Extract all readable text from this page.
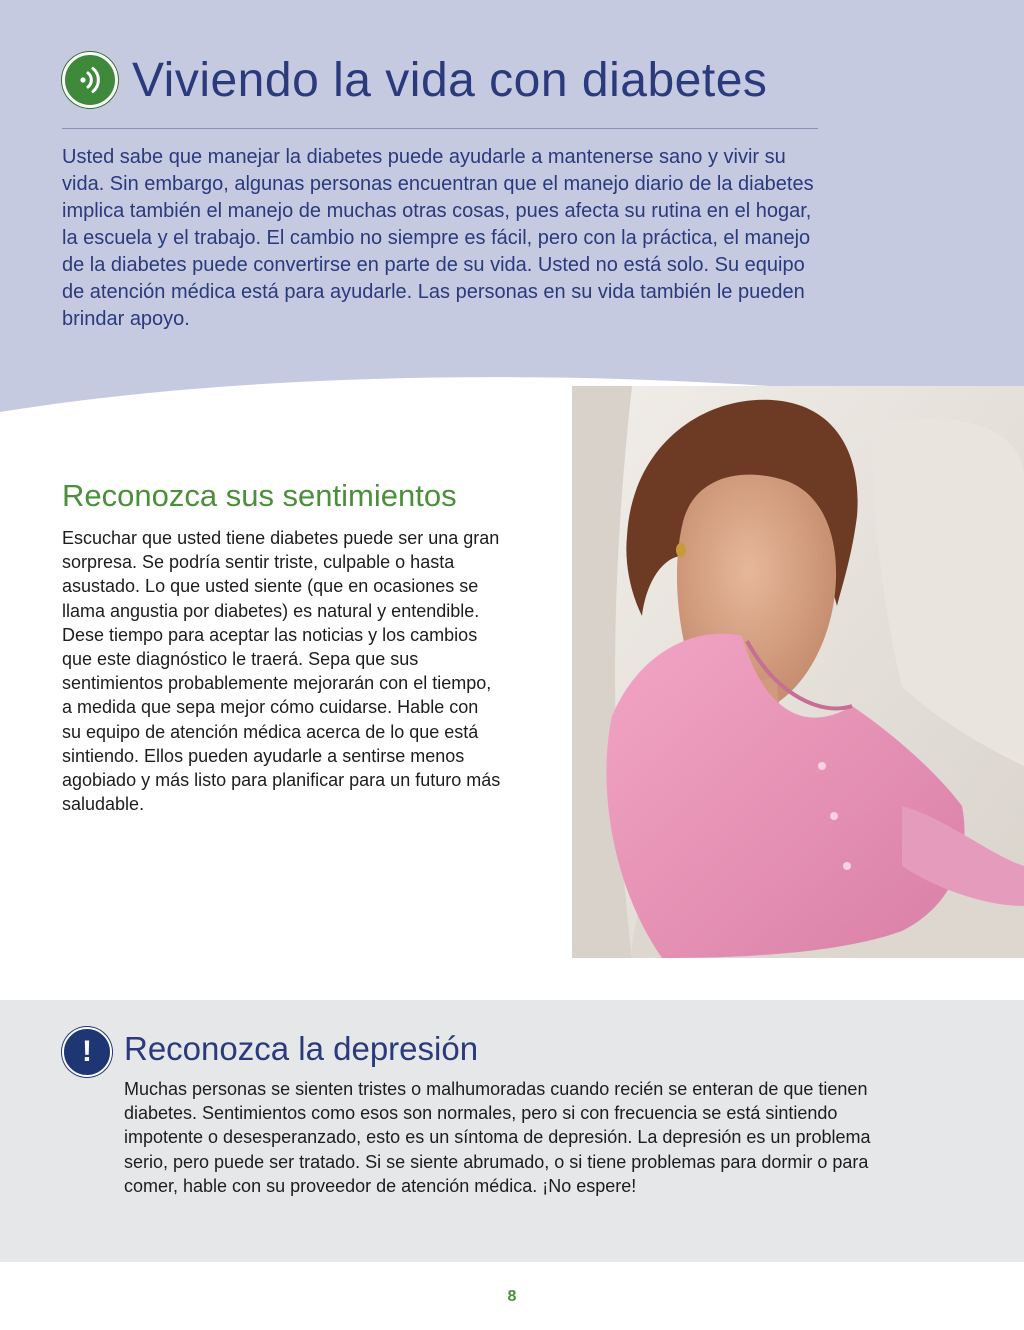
Viviendo la vida con diabetes

Usted sabe que manejar la diabetes puede ayudarle a mantenerse sano y vivir su vida. Sin embargo, algunas personas encuentran que el manejo diario de la diabetes implica también el manejo de muchas otras cosas, pues afecta su rutina en el hogar, la escuela y el trabajo. El cambio no siempre es fácil, pero con la práctica, el manejo de la diabetes puede convertirse en parte de su vida. Usted no está solo. Su equipo de atención médica está para ayudarle. Las personas en su vida también le pueden brindar apoyo.

Reconozca sus sentimientos

Escuchar que usted tiene diabetes puede ser una gran sorpresa. Se podría sentir triste, culpable o hasta asustado. Lo que usted siente (que en ocasiones se llama angustia por diabetes) es natural y entendible. Dese tiempo para aceptar las noticias y los cambios que este diagnóstico le traerá. Sepa que sus sentimientos probablemente mejorarán con el tiempo, a medida que sepa mejor cómo cuidarse. Hable con su equipo de atención médica acerca de lo que está sintiendo. Ellos pueden ayudarle a sentirse menos agobiado y más listo para planificar para un futuro más saludable.

! Reconozca la depresión

Muchas personas se sienten tristes o malhumoradas cuando recién se enteran de que tienen diabetes. Sentimientos como esos son normales, pero si con frecuencia se está sintiendo impotente o desesperanzado, esto es un síntoma de depresión. La depresión es un problema serio, pero puede ser tratado. Si se siente abrumado, o si tiene problemas para dormir o para comer, hable con su proveedor de atención médica. ¡No espere!

8
